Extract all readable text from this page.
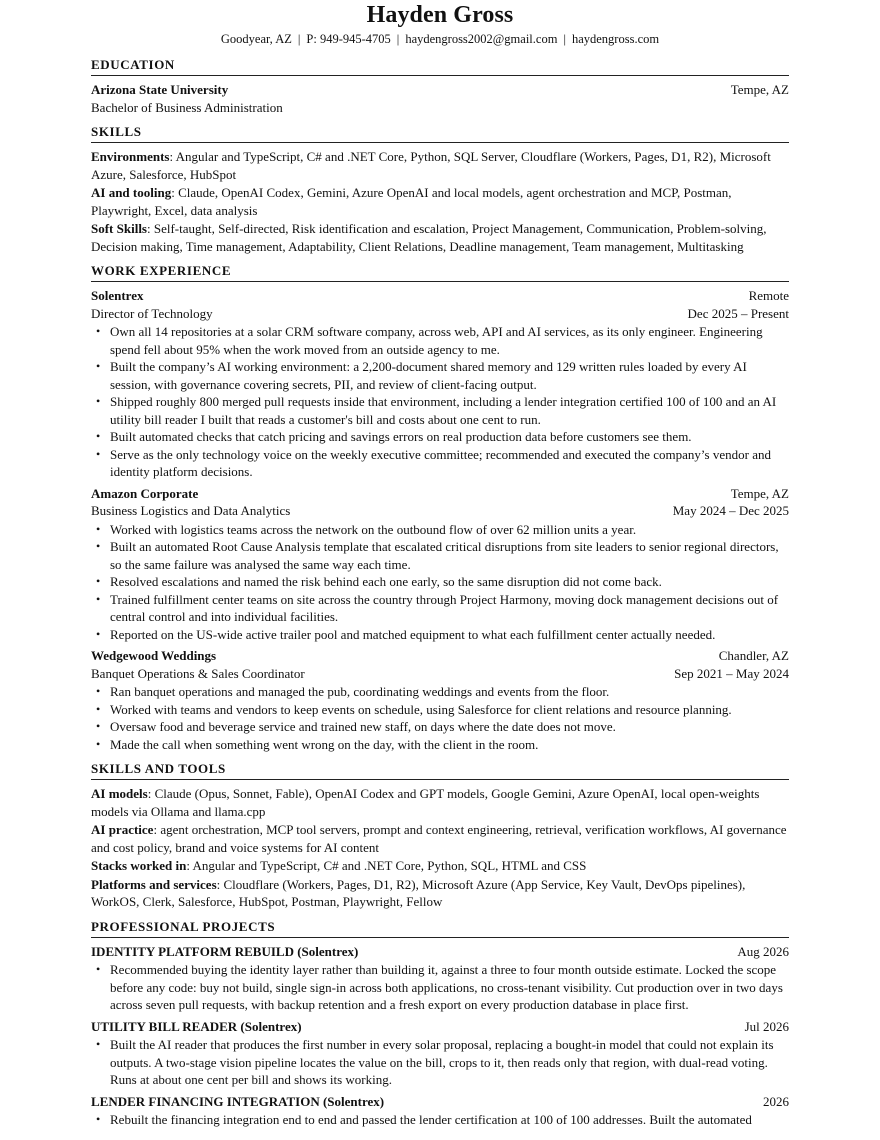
Hayden Gross
Goodyear, AZ | P: 949-945-4705 | haydengross2002@gmail.com | haydengross.com
EDUCATION
Arizona State University	Tempe, AZ
Bachelor of Business Administration
SKILLS
Environments: Angular and TypeScript, C# and .NET Core, Python, SQL Server, Cloudflare (Workers, Pages, D1, R2), Microsoft Azure, Salesforce, HubSpot
AI and tooling: Claude, OpenAI Codex, Gemini, Azure OpenAI and local models, agent orchestration and MCP, Postman, Playwright, Excel, data analysis
Soft Skills: Self-taught, Self-directed, Risk identification and escalation, Project Management, Communication, Problem-solving, Decision making, Time management, Adaptability, Client Relations, Deadline management, Team management, Multitasking
WORK EXPERIENCE
Solentrex	Remote
Director of Technology	Dec 2025 – Present
• Own all 14 repositories at a solar CRM software company, across web, API and AI services, as its only engineer. Engineering spend fell about 95% when the work moved from an outside agency to me.
• Built the company’s AI working environment: a 2,200-document shared memory and 129 written rules loaded by every AI session, with governance covering secrets, PII, and review of client-facing output.
• Shipped roughly 800 merged pull requests inside that environment, including a lender integration certified 100 of 100 and an AI utility bill reader I built that reads a customer's bill and costs about one cent to run.
• Built automated checks that catch pricing and savings errors on real production data before customers see them.
• Serve as the only technology voice on the weekly executive committee; recommended and executed the company’s vendor and identity platform decisions.
Amazon Corporate	Tempe, AZ
Business Logistics and Data Analytics	May 2024 – Dec 2025
• Worked with logistics teams across the network on the outbound flow of over 62 million units a year.
• Built an automated Root Cause Analysis template that escalated critical disruptions from site leaders to senior regional directors, so the same failure was analysed the same way each time.
• Resolved escalations and named the risk behind each one early, so the same disruption did not come back.
• Trained fulfillment center teams on site across the country through Project Harmony, moving dock management decisions out of central control and into individual facilities.
• Reported on the US-wide active trailer pool and matched equipment to what each fulfillment center actually needed.
Wedgewood Weddings	Chandler, AZ
Banquet Operations & Sales Coordinator	Sep 2021 – May 2024
• Ran banquet operations and managed the pub, coordinating weddings and events from the floor.
• Worked with teams and vendors to keep events on schedule, using Salesforce for client relations and resource planning.
• Oversaw food and beverage service and trained new staff, on days where the date does not move.
• Made the call when something went wrong on the day, with the client in the room.
SKILLS AND TOOLS
AI models: Claude (Opus, Sonnet, Fable), OpenAI Codex and GPT models, Google Gemini, Azure OpenAI, local open-weights models via Ollama and llama.cpp
AI practice: agent orchestration, MCP tool servers, prompt and context engineering, retrieval, verification workflows, AI governance and cost policy, brand and voice systems for AI content
Stacks worked in: Angular and TypeScript, C# and .NET Core, Python, SQL, HTML and CSS
Platforms and services: Cloudflare (Workers, Pages, D1, R2), Microsoft Azure (App Service, Key Vault, DevOps pipelines), WorkOS, Clerk, Salesforce, HubSpot, Postman, Playwright, Fellow
PROFESSIONAL PROJECTS
IDENTITY PLATFORM REBUILD (Solentrex)	Aug 2026
• Recommended buying the identity layer rather than building it, against a three to four month outside estimate. Locked the scope before any code: buy not build, single sign-in across both applications, no cross-tenant visibility. Cut production over in two days across seven pull requests, with backup retention and a fresh export on every production database in place first.
UTILITY BILL READER (Solentrex)	Jul 2026
• Built the AI reader that produces the first number in every solar proposal, replacing a bought-in model that could not explain its outputs. A two-stage vision pipeline locates the value on the bill, crops to it, then reads only that region, with dual-read voting. Runs at about one cent per bill and shows its working.
LENDER FINANCING INTEGRATION (Solentrex)	2026
• Rebuilt the financing integration end to end and passed the lender certification at 100 of 100 addresses. Built the automated
